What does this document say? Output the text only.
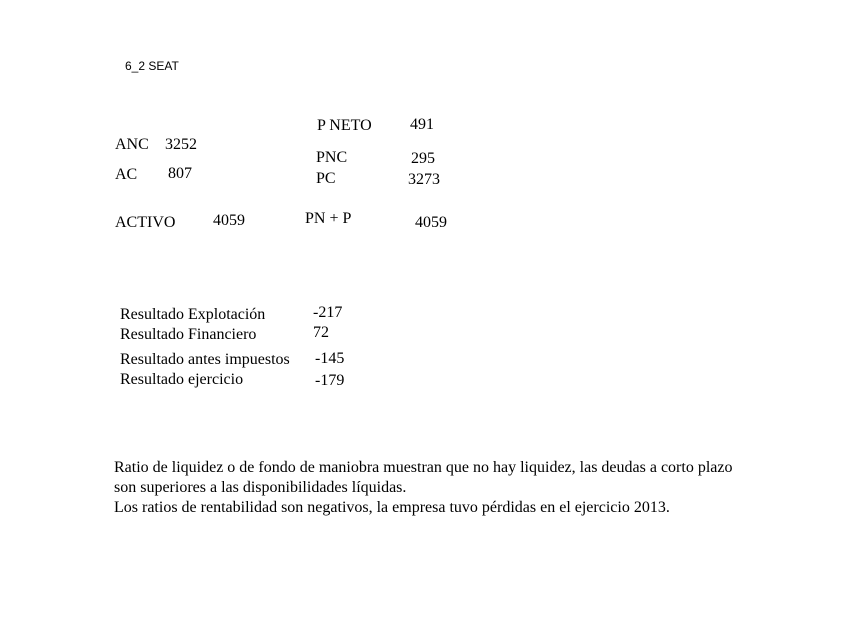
6_2 SEAT
ANC 3252
AC 807
ACTIVO 4059
P NETO 491
PNC	295
PC	3273
PN + P	4059
Resultado Explotación	-217
Resultado Financiero	72
Resultado antes impuestos -145
Resultado ejercicio	-179
Ratio de liquidez o de fondo de maniobra muestran que no hay liquidez, las deudas a corto plazo
son superiores a las disponibilidades líquidas.
Los ratios de rentabilidad son negativos, la empresa tuvo pérdidas en el ejercicio 2013.
